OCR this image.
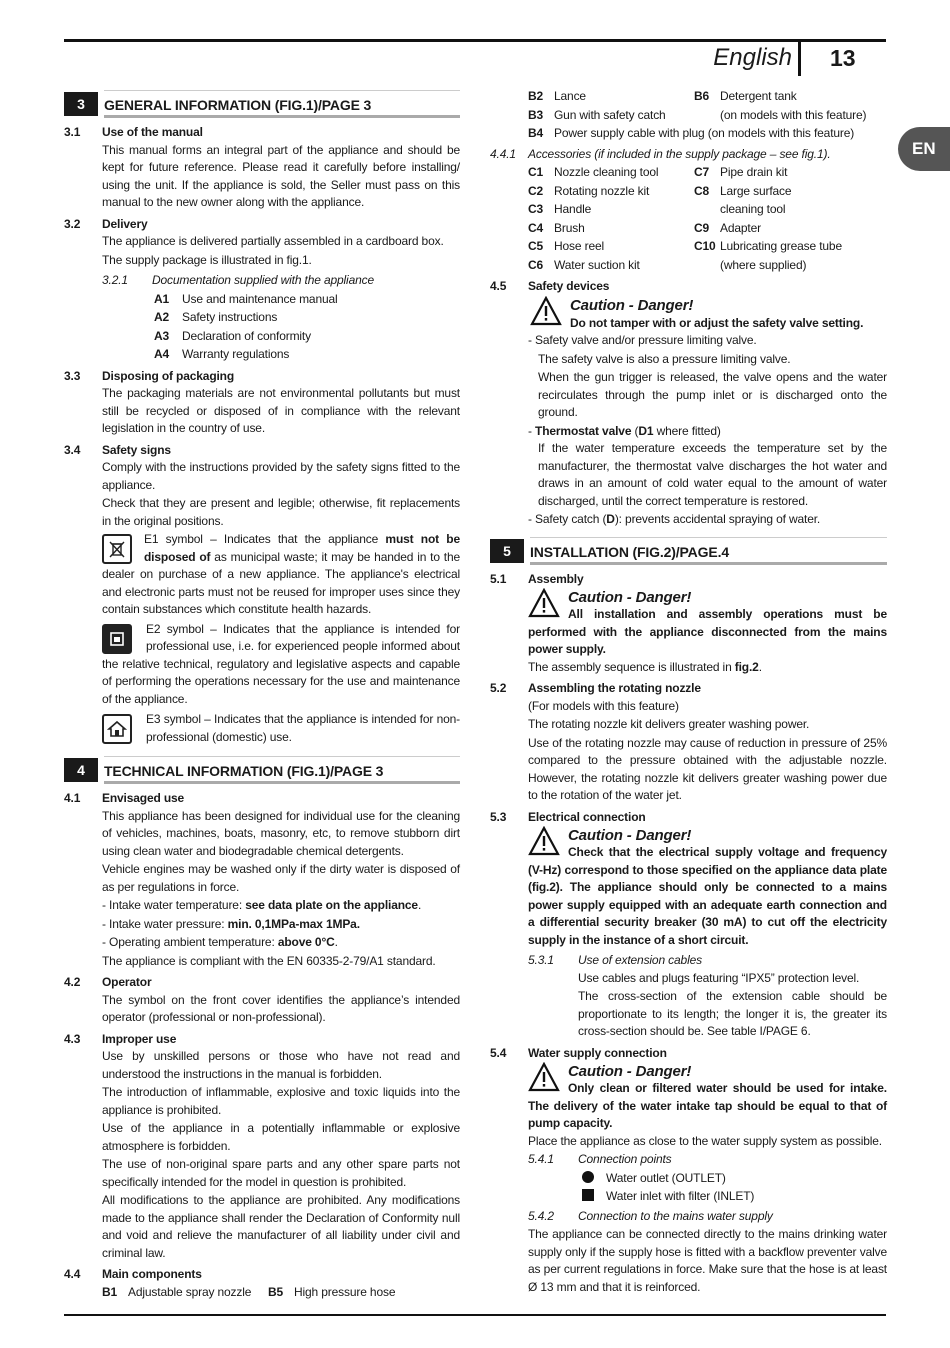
English 13
EN
3	GENERAL INFORMATION (FIG.1)/PAGE 3
3.1	Use of the manual
This manual forms an integral part of the appliance and should be kept for future reference. Please read it carefully before installing/ using the unit. If the appliance is sold, the Seller must pass on this manual to the new owner along with the appliance.
3.2	Delivery
The appliance is delivered partially assembled in a cardboard box.
The supply package is illustrated in fig.1.
3.2.1	Documentation supplied with the appliance
A1	Use and maintenance manual
A2	Safety instructions
A3	Declaration of conformity
A4	Warranty regulations
3.3	Disposing of packaging
The packaging materials are not environmental pollutants but must still be recycled or disposed of in compliance with the relevant legislation in the country of use.
3.4	Safety signs
Comply with the instructions provided by the safety signs fitted to the appliance.
Check that they are present and legible; otherwise, fit replacements in the original positions.
E1 symbol – Indicates that the appliance must not be disposed of as municipal waste; it may be handed in to the dealer on purchase of a new appliance. The appliance's electrical and electronic parts must not be reused for improper uses since they contain substances which constitute health hazards.
E2 symbol – Indicates that the appliance is intended for professional use, i.e. for experienced people informed about the relative technical, regulatory and legislative aspects and capable of performing the operations necessary for the use and maintenance of the appliance.
E3 symbol – Indicates that the appliance is intended for non-professional (domestic) use.
4	TECHNICAL INFORMATION (FIG.1)/PAGE 3
4.1	Envisaged use
This appliance has been designed for individual use for the cleaning of vehicles, machines, boats, masonry, etc, to remove stubborn dirt using clean water and biodegradable chemical detergents.
Vehicle engines may be washed only if the dirty water is disposed of as per regulations in force.
- Intake water temperature: see data plate on the appliance.
- Intake water pressure: min. 0,1MPa-max 1MPa.
- Operating ambient temperature: above 0°C.
The appliance is compliant with the EN 60335-2-79/A1 standard.
4.2	Operator
The symbol on the front cover identifies the appliance’s intended operator (professional or non-professional).
4.3	Improper use
Use by unskilled persons or those who have not read and understood the instructions in the manual is forbidden.
The introduction of inflammable, explosive and toxic liquids into the appliance is prohibited.
Use of the appliance in a potentially inflammable or explosive atmosphere is forbidden.
The use of non-original spare parts and any other spare parts not specifically intended for the model in question is prohibited.
All modifications to the appliance are prohibited. Any modifications made to the appliance shall render the Declaration of Conformity null and void and relieve the manufacturer of all liability under civil and criminal law.
4.4	Main components
B1 Adjustable spray nozzle	B5 High pressure hose
B2 Lance	B6 Detergent tank
B3 Gun with safety catch	(on models with this feature)
B4 Power supply cable with plug (on models with this feature)
4.4.1	Accessories (if included in the supply package – see fig.1).
C1 Nozzle cleaning tool	C7 Pipe drain kit
C2 Rotating nozzle kit	C8 Large surface
C3 Handle	cleaning tool
C4 Brush	C9 Adapter
C5 Hose reel	C10 Lubricating grease tube
C6 Water suction kit	(where supplied)
4.5	Safety devices
Caution - Danger!
Do not tamper with or adjust the safety valve setting.
- Safety valve and/or pressure limiting valve.
The safety valve is also a pressure limiting valve.
When the gun trigger is released, the valve opens and the water recirculates through the pump inlet or is discharged onto the ground.
- Thermostat valve (D1 where fitted)
If the water temperature exceeds the temperature set by the manufacturer, the thermostat valve discharges the hot water and draws in an amount of cold water equal to the amount of water discharged, until the correct temperature is restored.
- Safety catch (D): prevents accidental spraying of water.
5	INSTALLATION (FIG.2)/PAGE.4
5.1	Assembly
Caution - Danger!
All installation and assembly operations must be performed with the appliance disconnected from the mains power supply.
The assembly sequence is illustrated in fig.2.
5.2	Assembling the rotating nozzle
(For models with this feature)
The rotating nozzle kit delivers greater washing power.
Use of the rotating nozzle may cause of reduction in pressure of 25% compared to the pressure obtained with the adjustable nozzle. However, the rotating nozzle kit delivers greater washing power due to the rotation of the water jet.
5.3	Electrical connection
Caution - Danger!
Check that the electrical supply voltage and frequency (V-Hz) correspond to those specified on the appliance data plate (fig.2). The appliance should only be connected to a mains power supply equipped with an adequate earth connection and a differential security breaker (30 mA) to cut off the electricity supply in the instance of a short circuit.
5.3.1	Use of extension cables
Use cables and plugs featuring “IPX5” protection level.
The cross-section of the extension cable should be proportionate to its length; the longer it is, the greater its cross-section should be. See table I/PAGE 6.
5.4	Water supply connection
Caution - Danger!
Only clean or filtered water should be used for intake. The delivery of the water intake tap should be equal to that of pump capacity.
Place the appliance as close to the water supply system as possible.
5.4.1	Connection points
Water outlet (OUTLET)
Water inlet with filter (INLET)
5.4.2	Connection to the mains water supply
The appliance can be connected directly to the mains drinking water supply only if the supply hose is fitted with a backflow preventer valve as per current regulations in force. Make sure that the hose is at least Ø 13 mm and that it is reinforced.
